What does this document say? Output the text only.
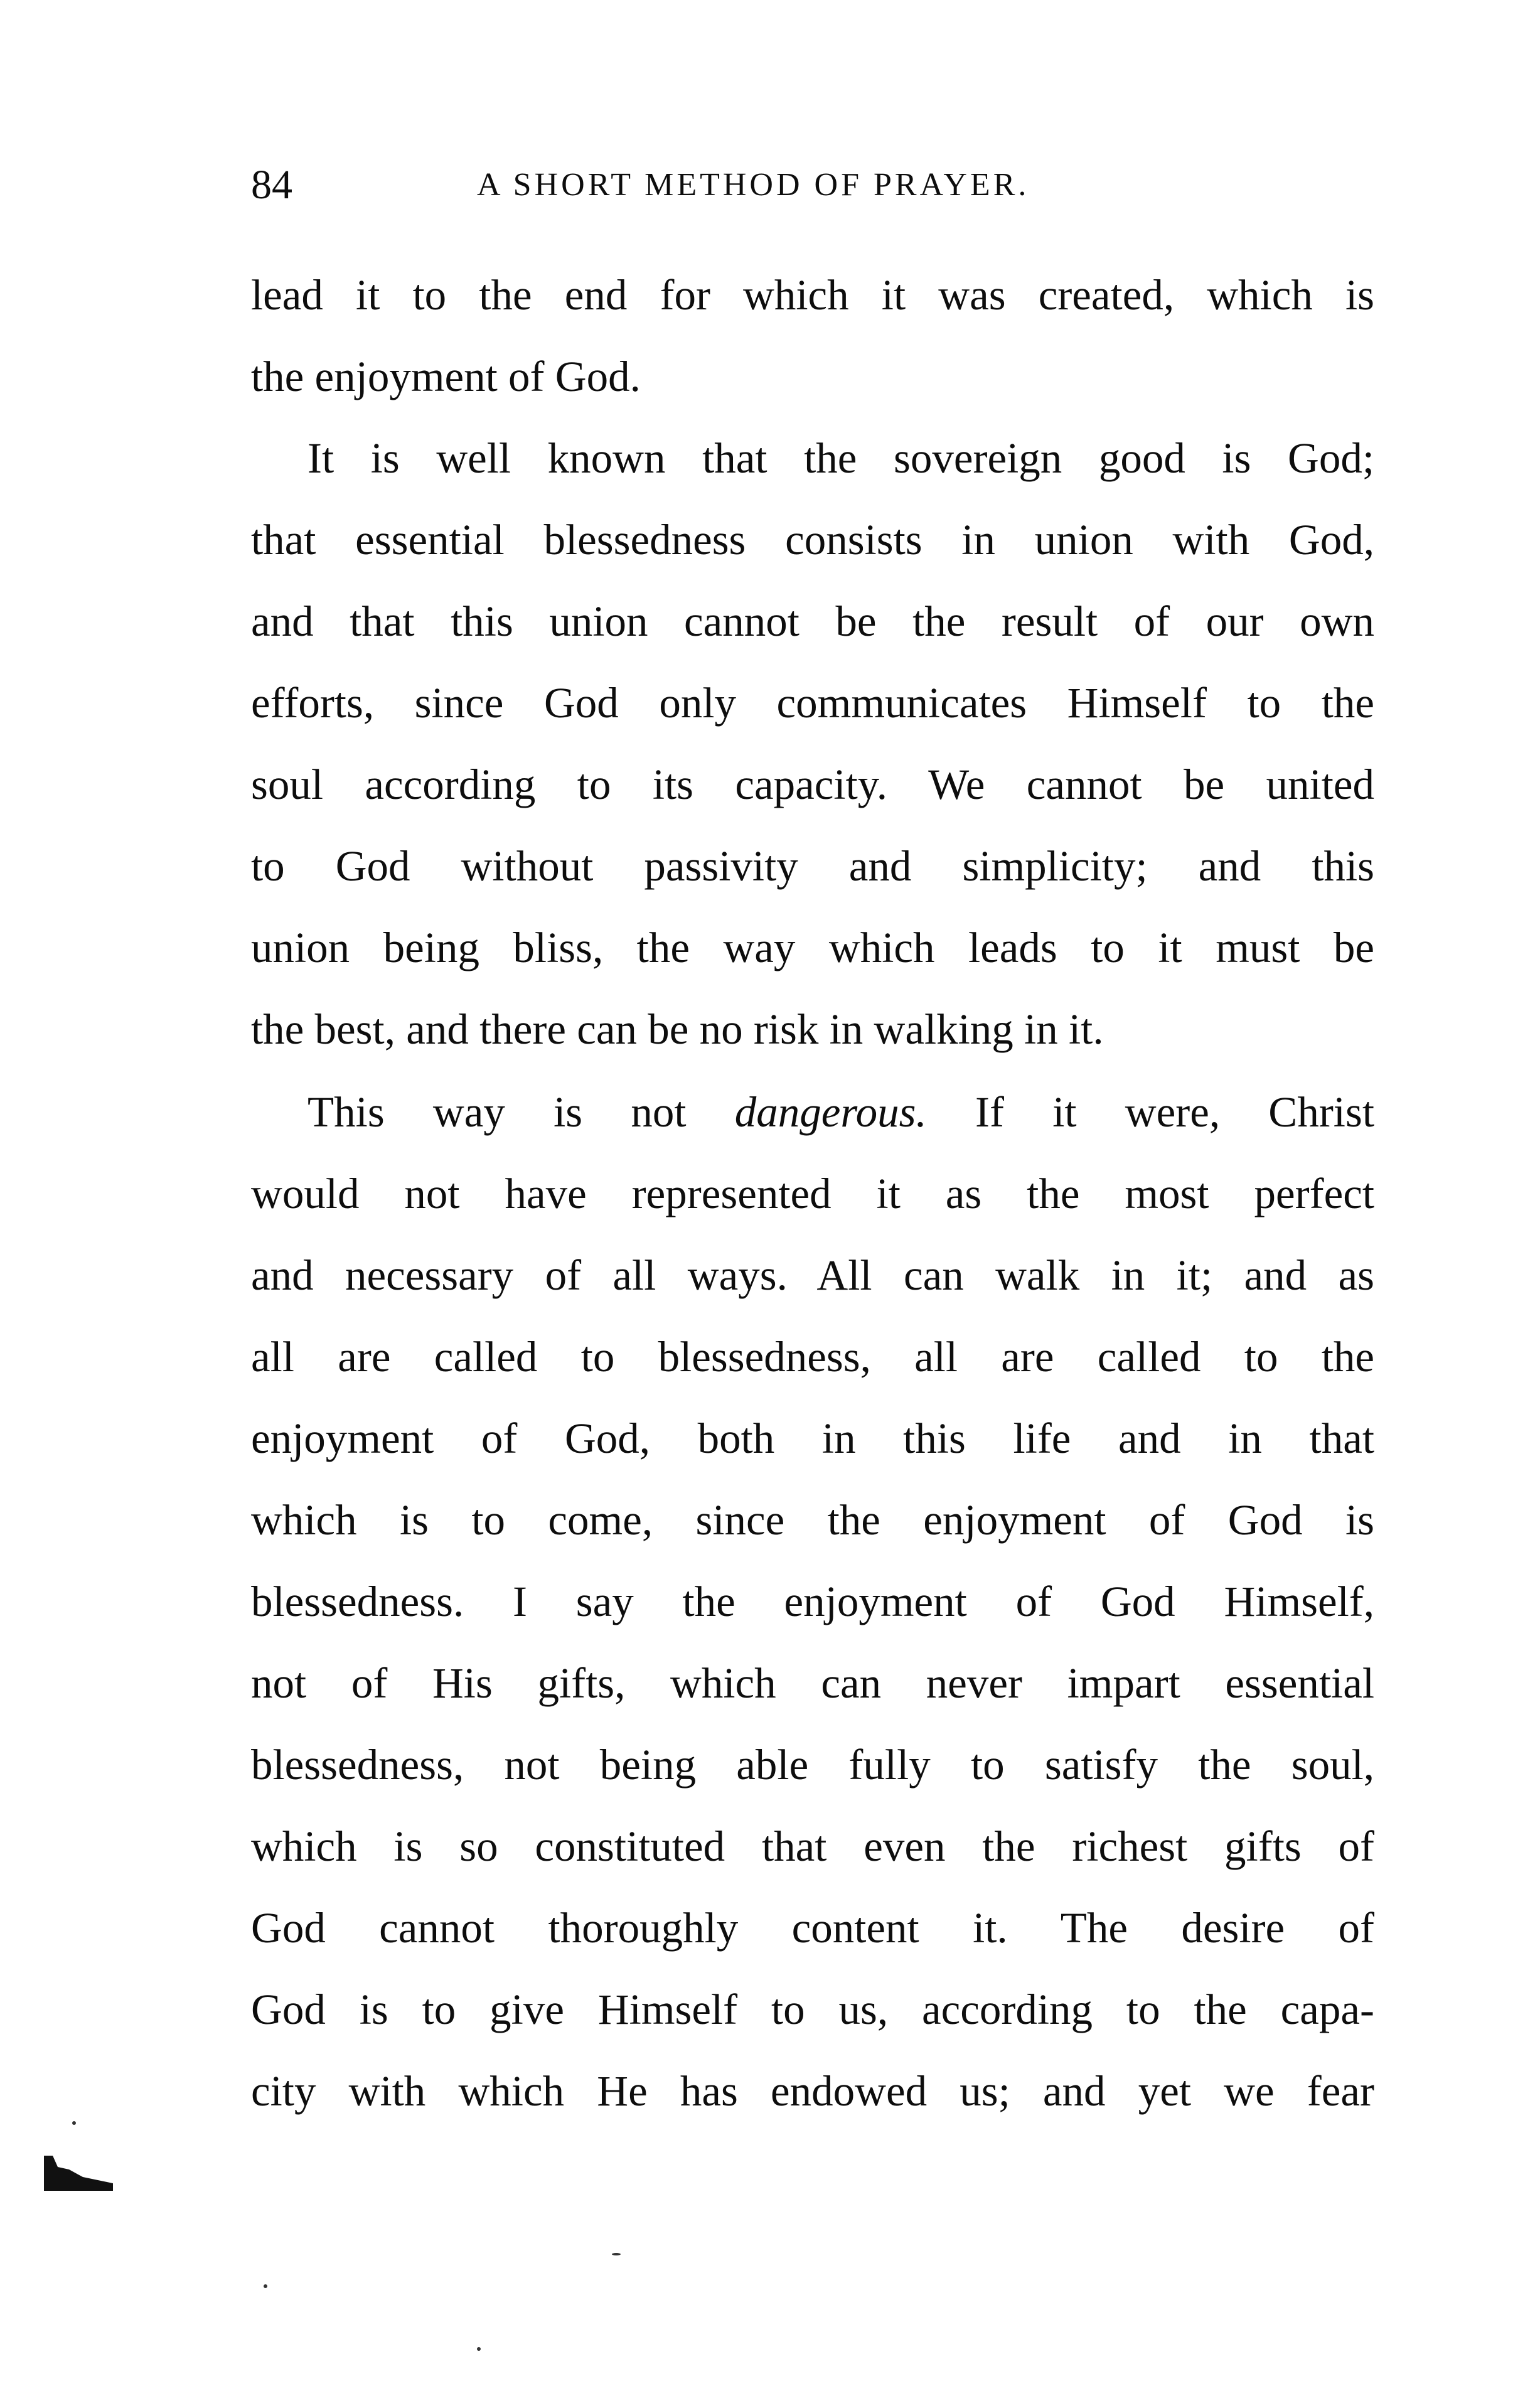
84	A SHORT METHOD OF PRAYER.
lead it to the end for which it was created, which is
the enjoyment of God.
It is well known that the sovereign good is God;
that essential blessedness consists in union with God,
and that this union cannot be the result of our own
efforts, since God only communicates Himself to the
soul according to its capacity. We cannot be united
to God without passivity and simplicity; and this
union being bliss, the way which leads to it must be
the best, and there can be no risk in walking in it.
This way is not dangerous. If it were, Christ
would not have represented it as the most perfect
and necessary of all ways. All can walk in it; and as
all are called to blessedness, all are called to the
enjoyment of God, both in this life and in that
which is to come, since the enjoyment of God is
blessedness. I say the enjoyment of God Himself,
not of His gifts, which can never impart essential
blessedness, not being able fully to satisfy the soul,
which is so constituted that even the richest gifts of
God cannot thoroughly content it. The desire of
God is to give Himself to us, according to the capa-
city with which He has endowed us; and yet we fear
